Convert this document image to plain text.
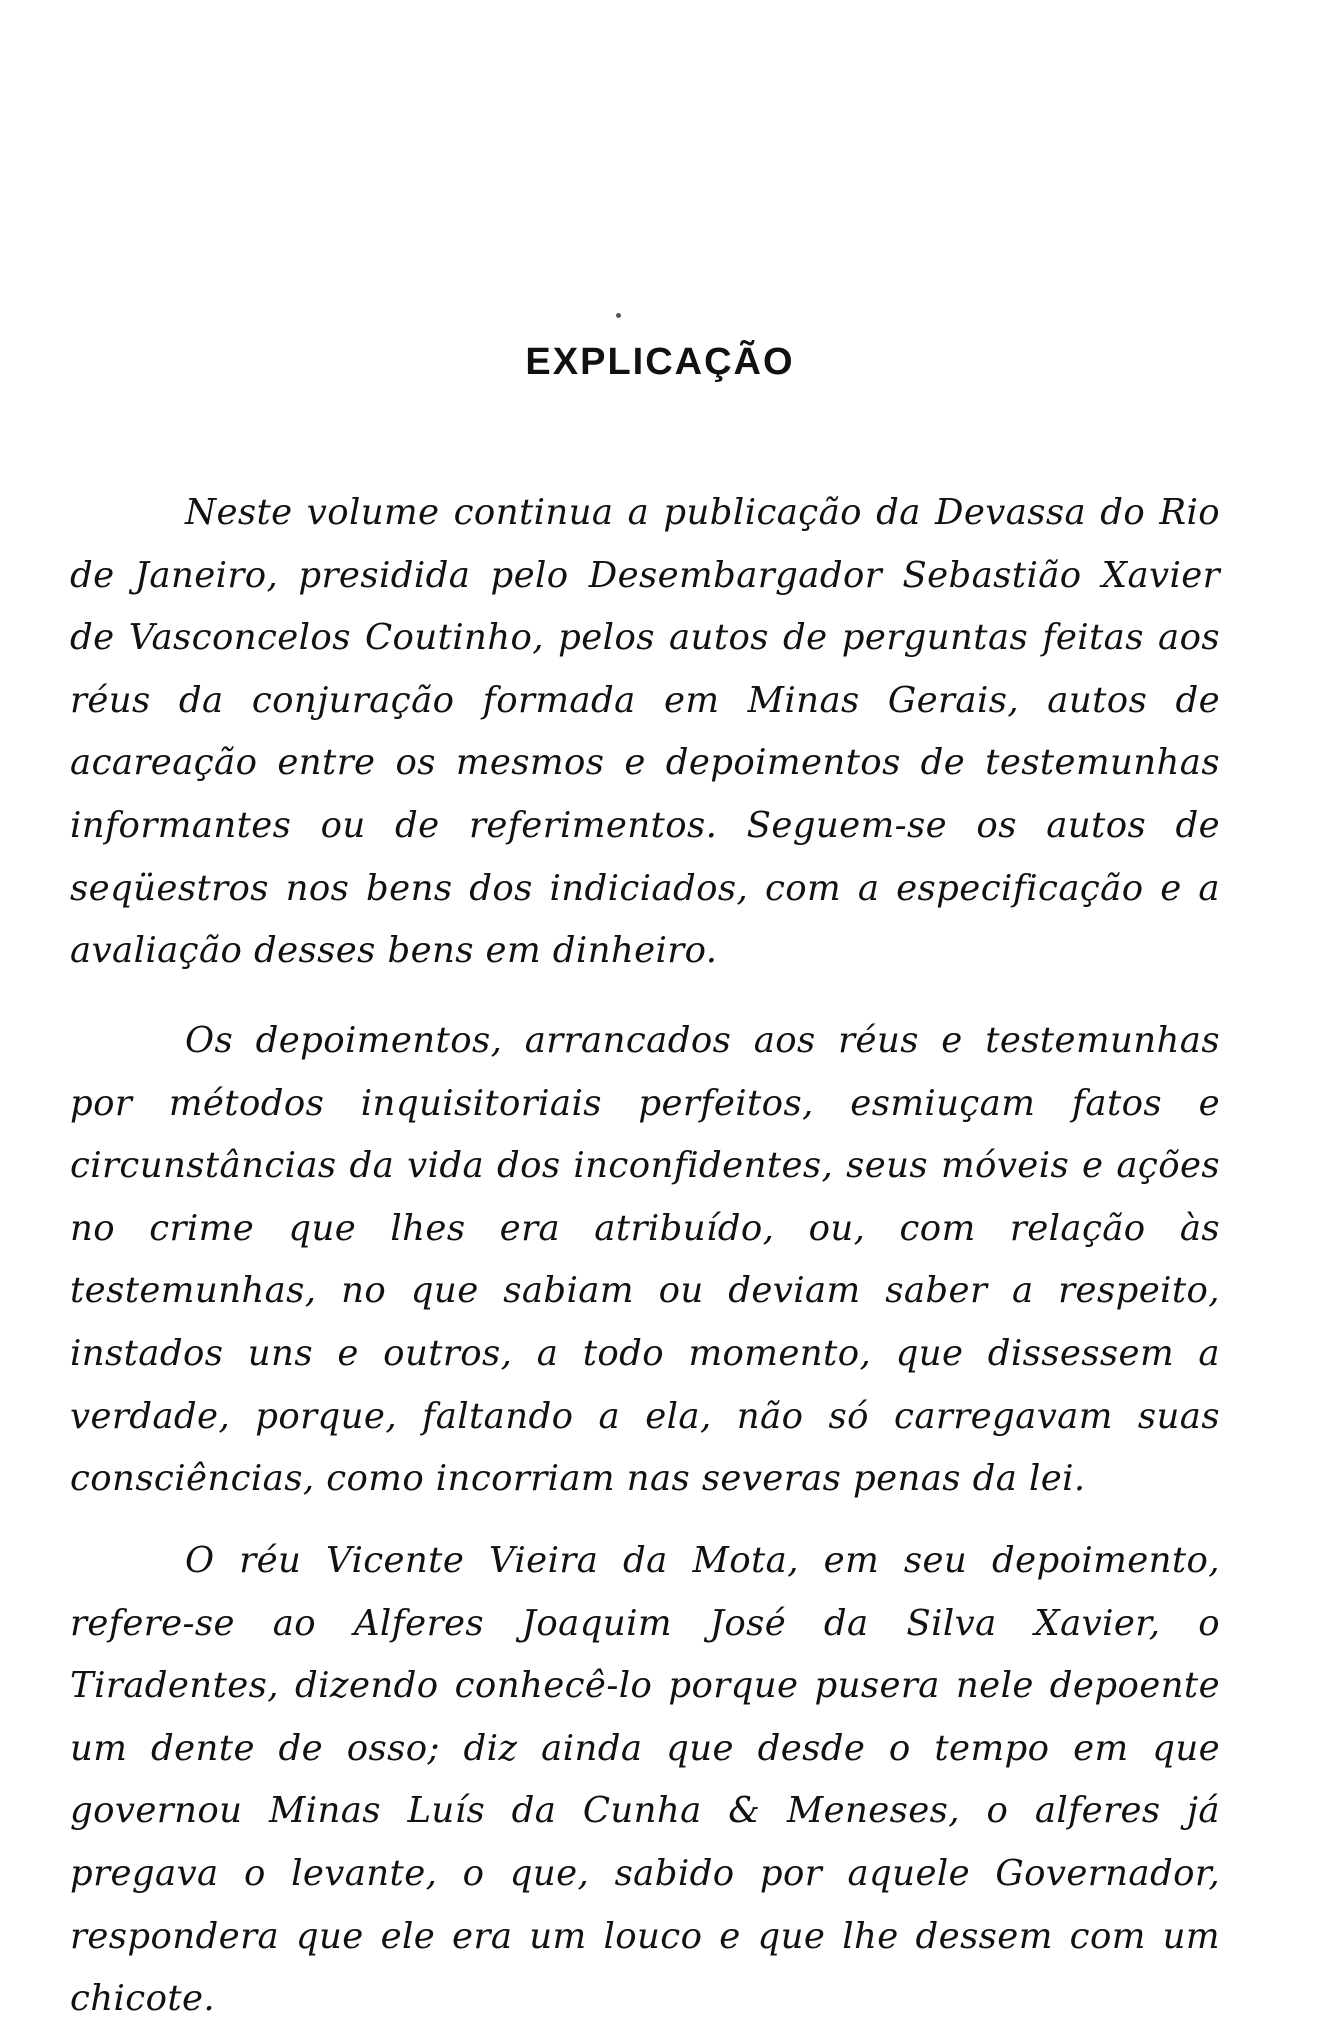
EXPLICAÇÃO

Neste volume continua a publicação da Devassa do Rio de Janeiro, presidida pelo Desembargador Sebastião Xavier de Vasconcelos Coutinho, pelos autos de perguntas feitas aos réus da conjuração formada em Minas Gerais, autos de acareação entre os mesmos e depoimentos de testemunhas informantes ou de referimentos. Seguem-se os autos de seqüestros nos bens dos indiciados, com a especificação e a avaliação desses bens em dinheiro.

Os depoimentos, arrancados aos réus e testemunhas por métodos inquisitoriais perfeitos, esmiuçam fatos e circunstâncias da vida dos inconfidentes, seus móveis e ações no crime que lhes era atribuído, ou, com relação às testemunhas, no que sabiam ou deviam saber a respeito, instados uns e outros, a todo momento, que dissessem a verdade, porque, faltando a ela, não só carregavam suas consciências, como incorriam nas severas penas da lei.

O réu Vicente Vieira da Mota, em seu depoimento, refere-se ao Alferes Joaquim José da Silva Xavier, o Tiradentes, dizendo conhecê-lo porque pusera nele depoente um dente de osso; diz ainda que desde o tempo em que governou Minas Luís da Cunha & Meneses, o alferes já pregava o levante, o que, sabido por aquele Governador, respondera que ele era um louco e que lhe dessem com um chicote.
